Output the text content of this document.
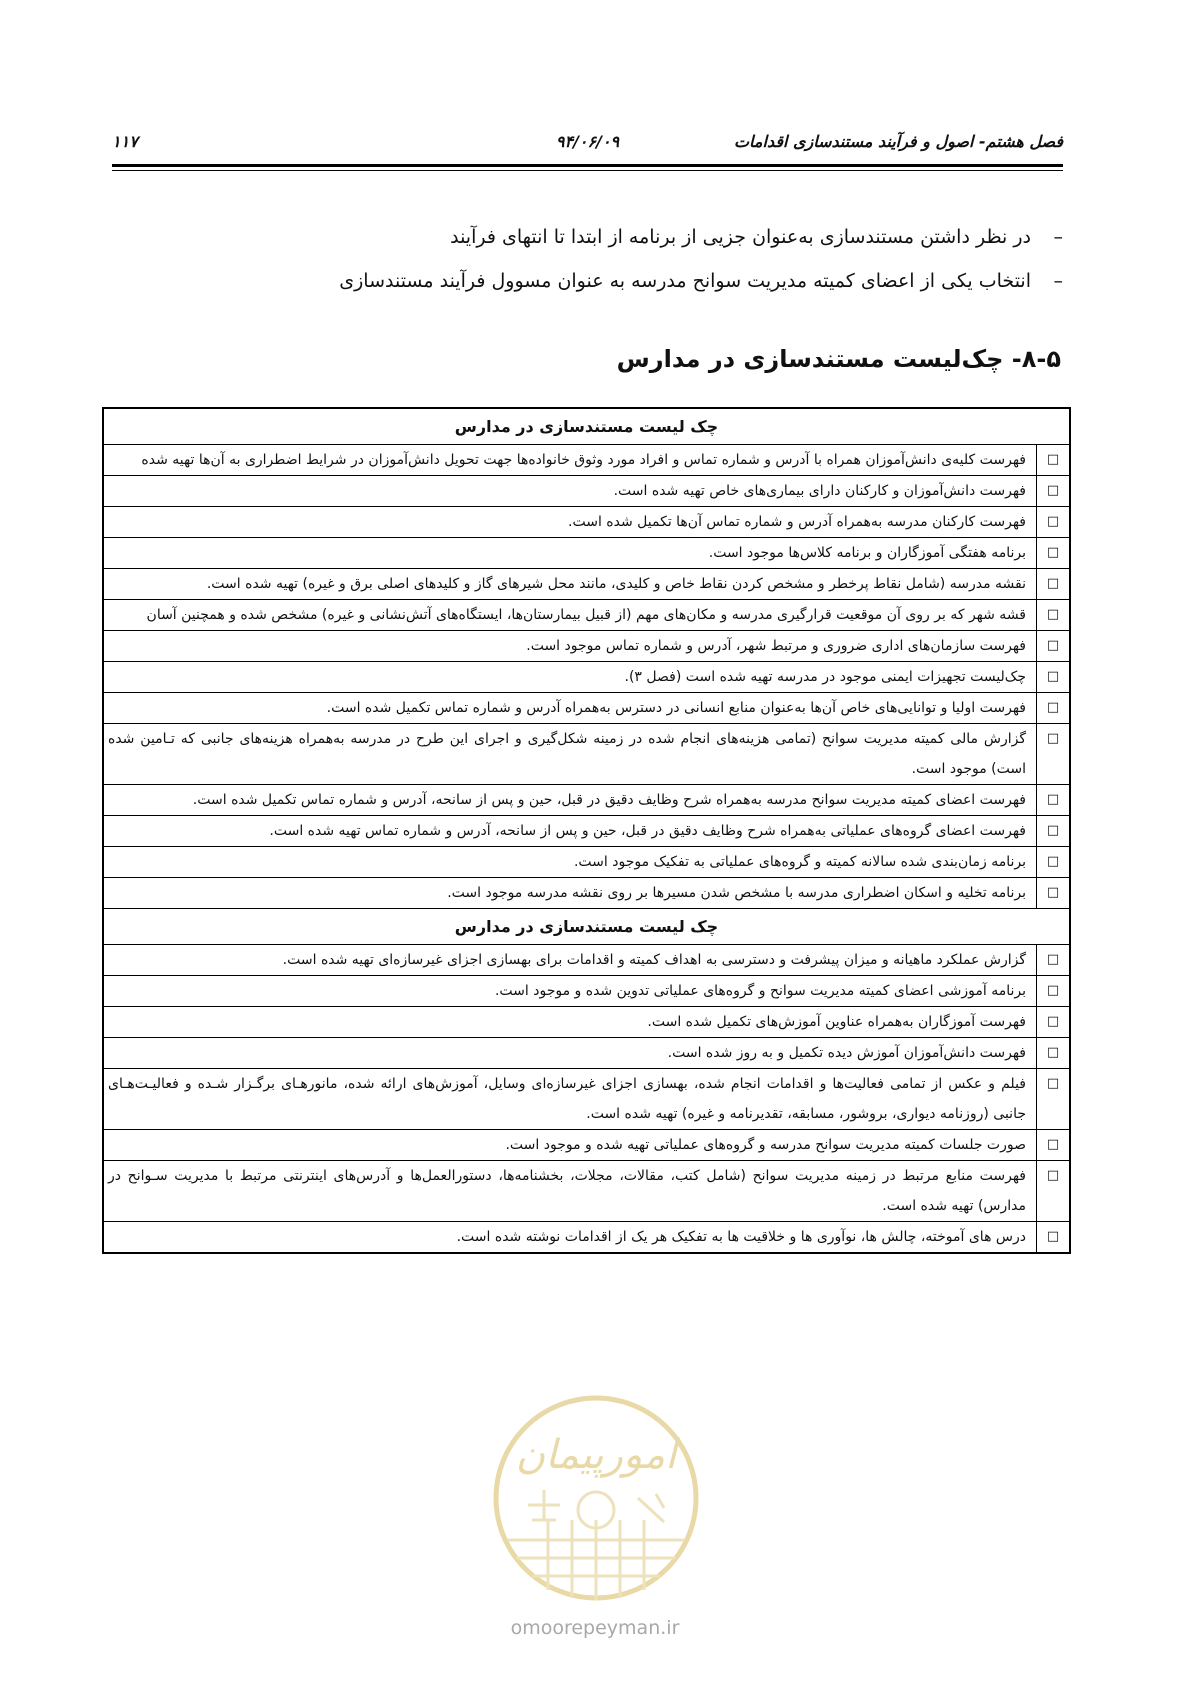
فصل هشتم- اصول و فرآیند مستندسازی اقدامات
۹۴/۰۶/۰۹
۱۱۷
–
در نظر داشتن مستندسازی به‌عنوان جزیی از برنامه از ابتدا تا انتهای فرآیند
–
انتخاب یکی از اعضای کمیته مدیریت سوانح مدرسه به عنوان مسوول فرآیند مستندسازی
۸-۵- چک‌لیست مستندسازی در مدارس
چک لیست مستندسازی در مدارس
□
فهرست کلیه‌ی دانش‌آموزان همراه با آدرس و شماره تماس و افراد مورد وثوق خانواده‌ها جهت تحویل دانش‌آموزان در شرایط اضطراری به آن‌ها تهیه شده
□
فهرست دانش‌آموزان و کارکنان دارای بیماری‌های خاص تهیه شده است.
□
فهرست کارکنان مدرسه به‌همراه آدرس و شماره تماس آن‌ها تکمیل شده است.
□
برنامه هفتگی آموزگاران و برنامه کلاس‌ها موجود است.
□
نقشه مدرسه (شامل نقاط پرخطر و مشخص کردن نقاط خاص و کلیدی، مانند محل شیرهای گاز و کلیدهای اصلی برق و غیره) تهیه شده است.
□
قشه شهر که بر روی آن موقعیت قرارگیری مدرسه و مکان‌های مهم (از قبیل بیمارستان‌ها، ایستگاه‌های آتش‌نشانی و غیره) مشخص شده و همچنین آسان
□
فهرست سازمان‌های اداری ضروری و مرتبط شهر، آدرس و شماره تماس موجود است.
□
چک‌لیست تجهیزات ایمنی موجود در مدرسه تهیه شده است (فصل ۳).
□
فهرست اولیا و توانایی‌های خاص آن‌ها به‌عنوان منابع انسانی در دسترس به‌همراه آدرس و شماره تماس تکمیل شده است.
□
گزارش مالی کمیته مدیریت سوانح (تمامی هزینه‌های انجام شده در زمینه شکل‌گیری و اجرای این طرح در مدرسه به‌همراه هزینه‌های جانبی که تـامین شده است) موجود است.
□
فهرست اعضای کمیته مدیریت سوانح مدرسه به‌همراه شرح وظایف دقیق در قبل، حین و پس از سانحه، آدرس و شماره تماس تکمیل شده است.
□
فهرست اعضای گروه‌های عملیاتی به‌همراه شرح وظایف دقیق در قبل، حین و پس از سانحه، آدرس و شماره تماس تهیه شده است.
□
برنامه زمان‌بندی شده سالانه کمیته و گروه‌های عملیاتی به تفکیک موجود است.
□
برنامه تخلیه و اسکان اضطراری مدرسه با مشخص شدن مسیرها بر روی نقشه مدرسه موجود است.
چک لیست مستندسازی در مدارس
□
گزارش عملکرد ماهیانه و میزان پیشرفت و دسترسی به اهداف کمیته و اقدامات برای بهسازی اجزای غیرسازه‌ای تهیه شده است.
□
برنامه آموزشی اعضای کمیته مدیریت سوانح و گروه‌های عملیاتی تدوین شده و موجود است.
□
فهرست آموزگاران به‌همراه عناوین آموزش‌های تکمیل شده است.
□
فهرست دانش‌آموزان آموزش دیده تکمیل و به روز شده است.
□
فیلم و عکس از تمامی فعالیت‌ها و اقدامات انجام شده، بهسازی اجزای غیرسازه‌ای وسایل، آموزش‌های ارائه شده، مانورهـای برگـزار شـده و فعالیـت‌هـای جانبی (روزنامه دیواری، بروشور، مسابقه، تقدیرنامه و غیره) تهیه شده است.
□
صورت جلسات کمیته مدیریت سوانح مدرسه و گروه‌های عملیاتی تهیه شده و موجود است.
□
فهرست منابع مرتبط در زمینه مدیریت سوانح (شامل کتب، مقالات، مجلات، بخشنامه‌ها، دستورالعمل‌ها و آدرس‌های اینترنتی مرتبط با مدیریت سـوانح در مدارس) تهیه شده است.
□
درس های آموخته، چالش ها، نوآوری ها و خلاقیت ها به تفکیک هر یک از اقدامات نوشته شده است.
امورپیمان
omoorepeyman.ir
